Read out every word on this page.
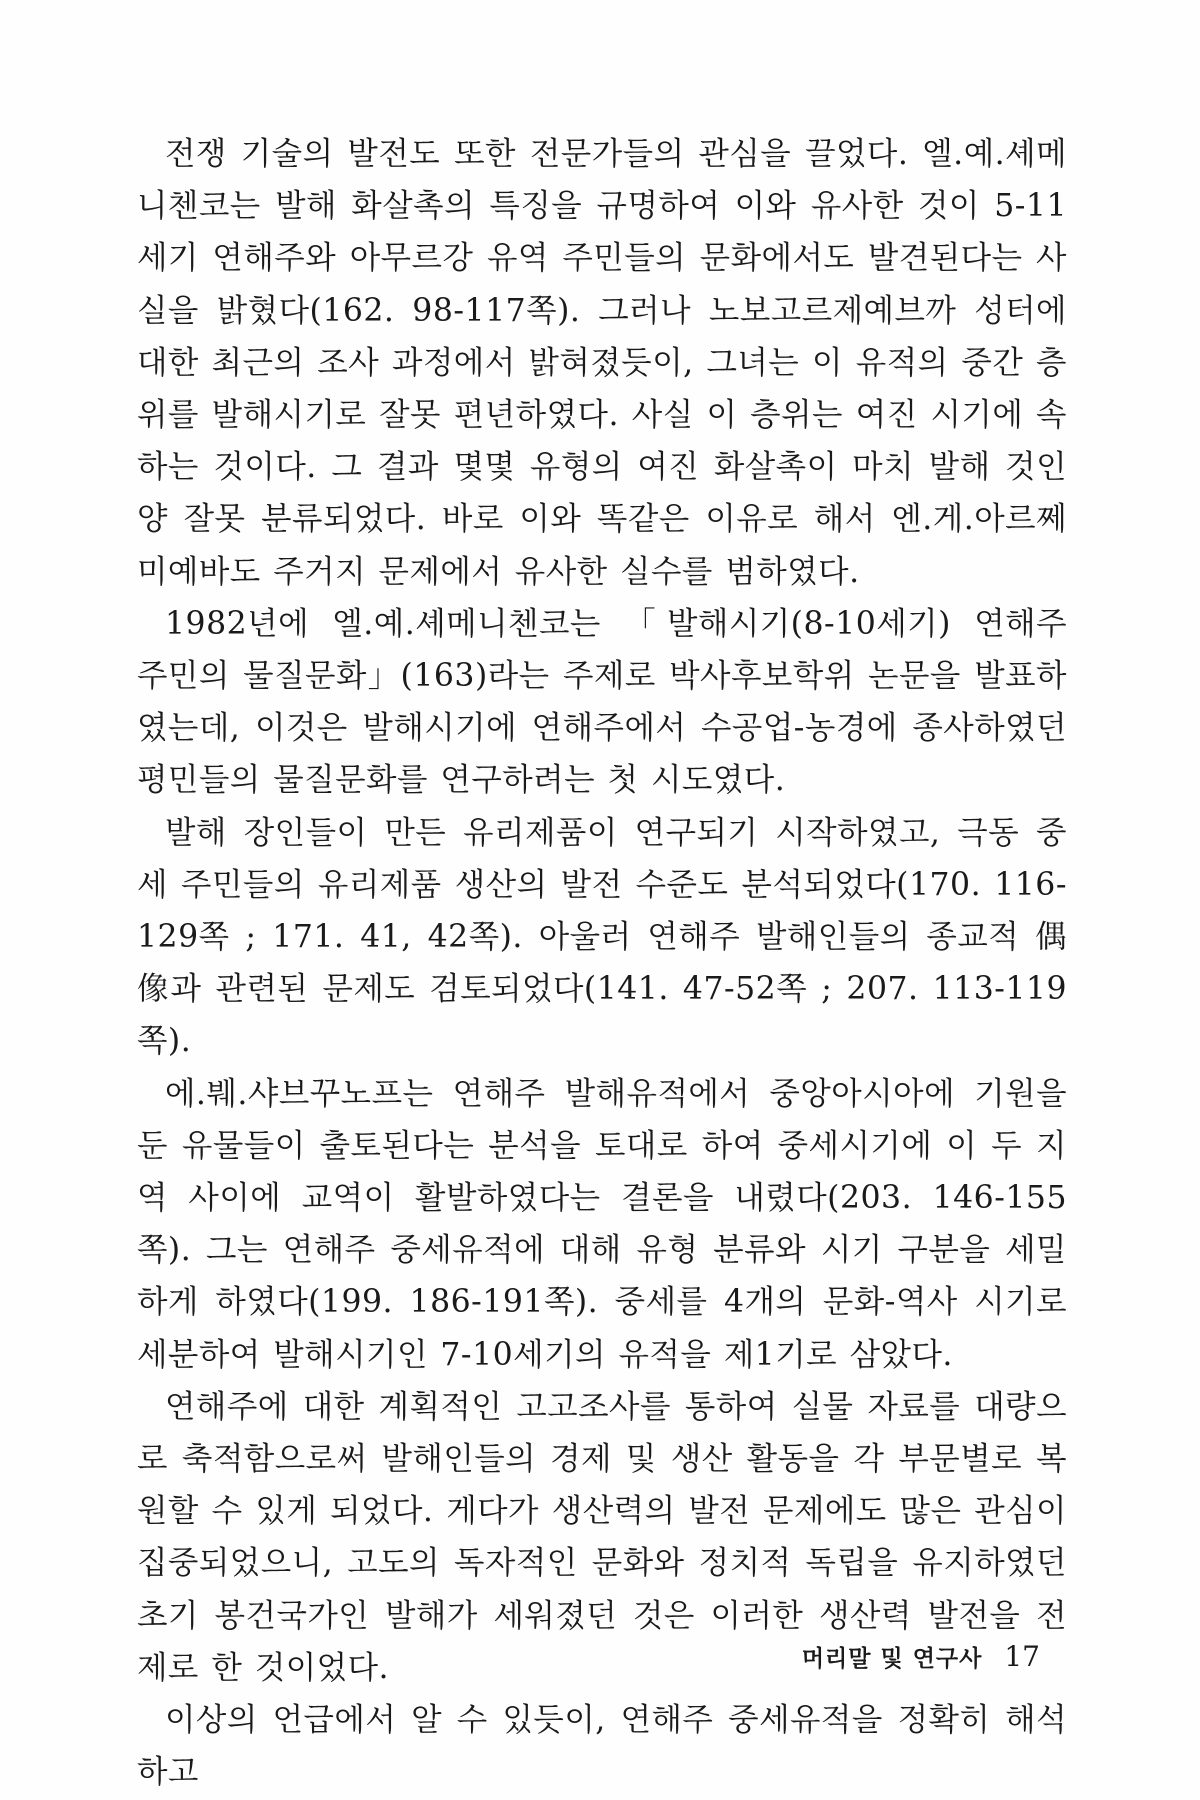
전쟁 기술의 발전도 또한 전문가들의 관심을 끌었다. 엘.예.셰메니첸코는 발해 화살촉의 특징을 규명하여 이와 유사한 것이 5-11세기 연해주와 아무르강 유역 주민들의 문화에서도 발견된다는 사실을 밝혔다(162. 98-117쪽). 그러나 노보고르제예브까 성터에 대한 최근의 조사 과정에서 밝혀졌듯이, 그녀는 이 유적의 중간 층위를 발해시기로 잘못 편년하였다. 사실 이 층위는 여진 시기에 속하는 것이다. 그 결과 몇몇 유형의 여진 화살촉이 마치 발해 것인 양 잘못 분류되었다. 바로 이와 똑같은 이유로 해서 엔.게.아르쩨미예바도 주거지 문제에서 유사한 실수를 범하였다.

1982년에 엘.예.셰메니첸코는 「발해시기(8-10세기) 연해주 주민의 물질문화」(163)라는 주제로 박사후보학위 논문을 발표하였는데, 이것은 발해시기에 연해주에서 수공업-농경에 종사하였던 평민들의 물질문화를 연구하려는 첫 시도였다.

발해 장인들이 만든 유리제품이 연구되기 시작하였고, 극동 중세 주민들의 유리제품 생산의 발전 수준도 분석되었다(170. 116-129쪽 ; 171. 41, 42쪽). 아울러 연해주 발해인들의 종교적 偶像과 관련된 문제도 검토되었다(141. 47-52쪽 ; 207. 113-119쪽).

에.붸.샤브꾸노프는 연해주 발해유적에서 중앙아시아에 기원을 둔 유물들이 출토된다는 분석을 토대로 하여 중세시기에 이 두 지역 사이에 교역이 활발하였다는 결론을 내렸다(203. 146-155쪽). 그는 연해주 중세유적에 대해 유형 분류와 시기 구분을 세밀하게 하였다(199. 186-191쪽). 중세를 4개의 문화-역사 시기로 세분하여 발해시기인 7-10세기의 유적을 제1기로 삼았다.

연해주에 대한 계획적인 고고조사를 통하여 실물 자료를 대량으로 축적함으로써 발해인들의 경제 및 생산 활동을 각 부문별로 복원할 수 있게 되었다. 게다가 생산력의 발전 문제에도 많은 관심이 집중되었으니, 고도의 독자적인 문화와 정치적 독립을 유지하였던 초기 봉건국가인 발해가 세워졌던 것은 이러한 생산력 발전을 전제로 한 것이었다.

이상의 언급에서 알 수 있듯이, 연해주 중세유적을 정확히 해석하고

머리말 및 연구사 17
